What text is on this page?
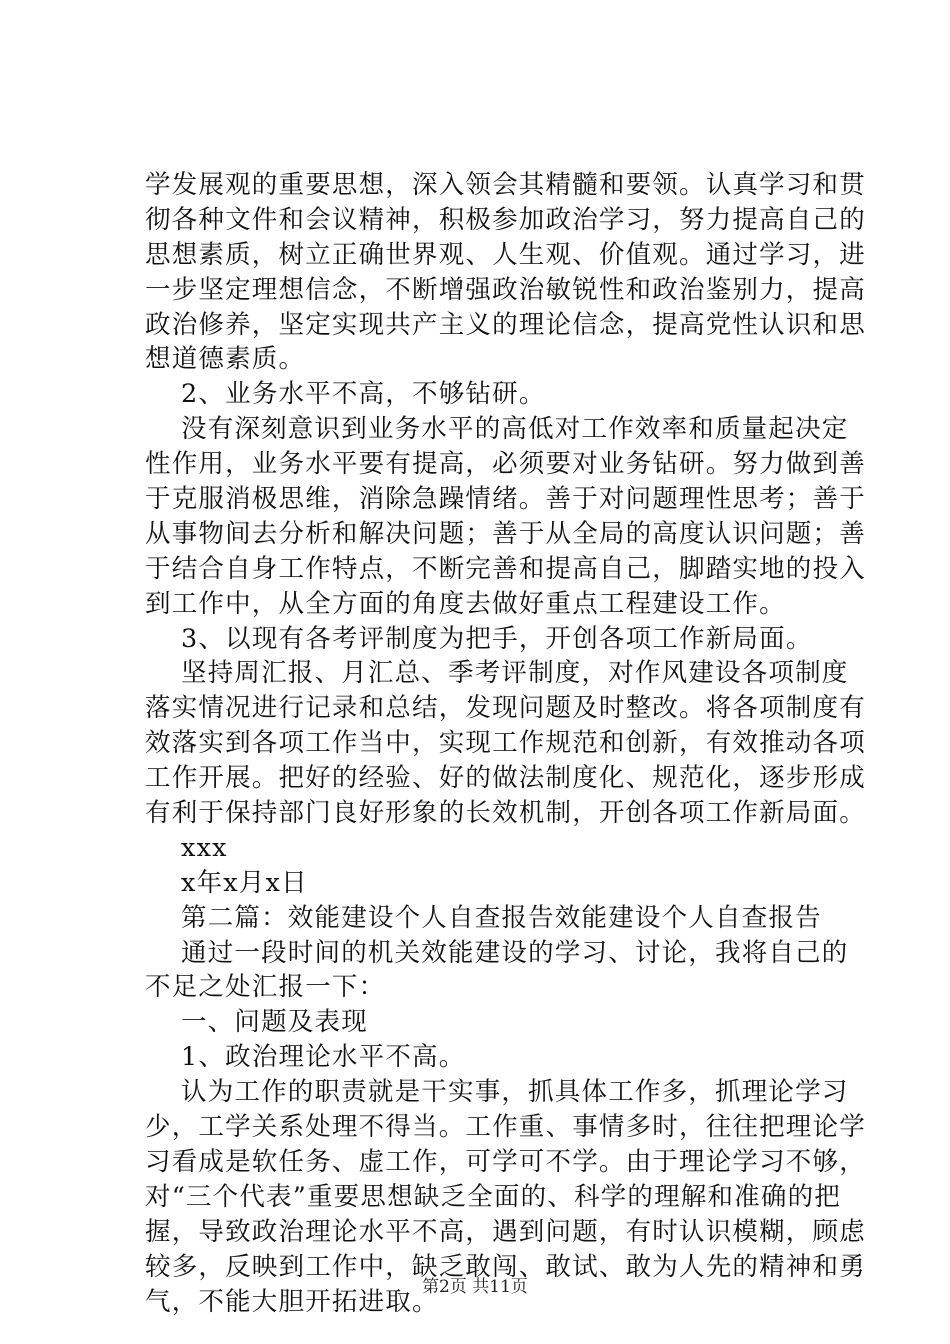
学发展观的重要思想，深入领会其精髓和要领。认真学习和贯
彻各种文件和会议精神，积极参加政治学习，努力提高自己的
思想素质，树立正确世界观、人生观、价值观。通过学习，进
一步坚定理想信念，不断增强政治敏锐性和政治鉴别力，提高
政治修养，坚定实现共产主义的理论信念，提高党性认识和思
想道德素质。
2、业务水平不高，不够钻研。
没有深刻意识到业务水平的高低对工作效率和质量起决定
性作用，业务水平要有提高，必须要对业务钻研。努力做到善
于克服消极思维，消除急躁情绪。善于对问题理性思考；善于
从事物间去分析和解决问题；善于从全局的高度认识问题；善
于结合自身工作特点，不断完善和提高自己，脚踏实地的投入
到工作中，从全方面的角度去做好重点工程建设工作。
3、以现有各考评制度为把手，开创各项工作新局面。
坚持周汇报、月汇总、季考评制度，对作风建设各项制度
落实情况进行记录和总结，发现问题及时整改。将各项制度有
效落实到各项工作当中，实现工作规范和创新，有效推动各项
工作开展。把好的经验、好的做法制度化、规范化，逐步形成
有利于保持部门良好形象的长效机制，开创各项工作新局面。
xxx
x年x月x日
第二篇：效能建设个人自查报告效能建设个人自查报告
通过一段时间的机关效能建设的学习、讨论，我将自己的
不足之处汇报一下：
一、问题及表现
1、政治理论水平不高。
认为工作的职责就是干实事，抓具体工作多，抓理论学习
少，工学关系处理不得当。工作重、事情多时，往往把理论学
习看成是软任务、虚工作，可学可不学。由于理论学习不够，
对“三个代表”重要思想缺乏全面的、科学的理解和准确的把
握，导致政治理论水平不高，遇到问题，有时认识模糊，顾虑
较多，反映到工作中，缺乏敢闯、敢试、敢为人先的精神和勇
气，不能大胆开拓进取。
第2页 共11页
